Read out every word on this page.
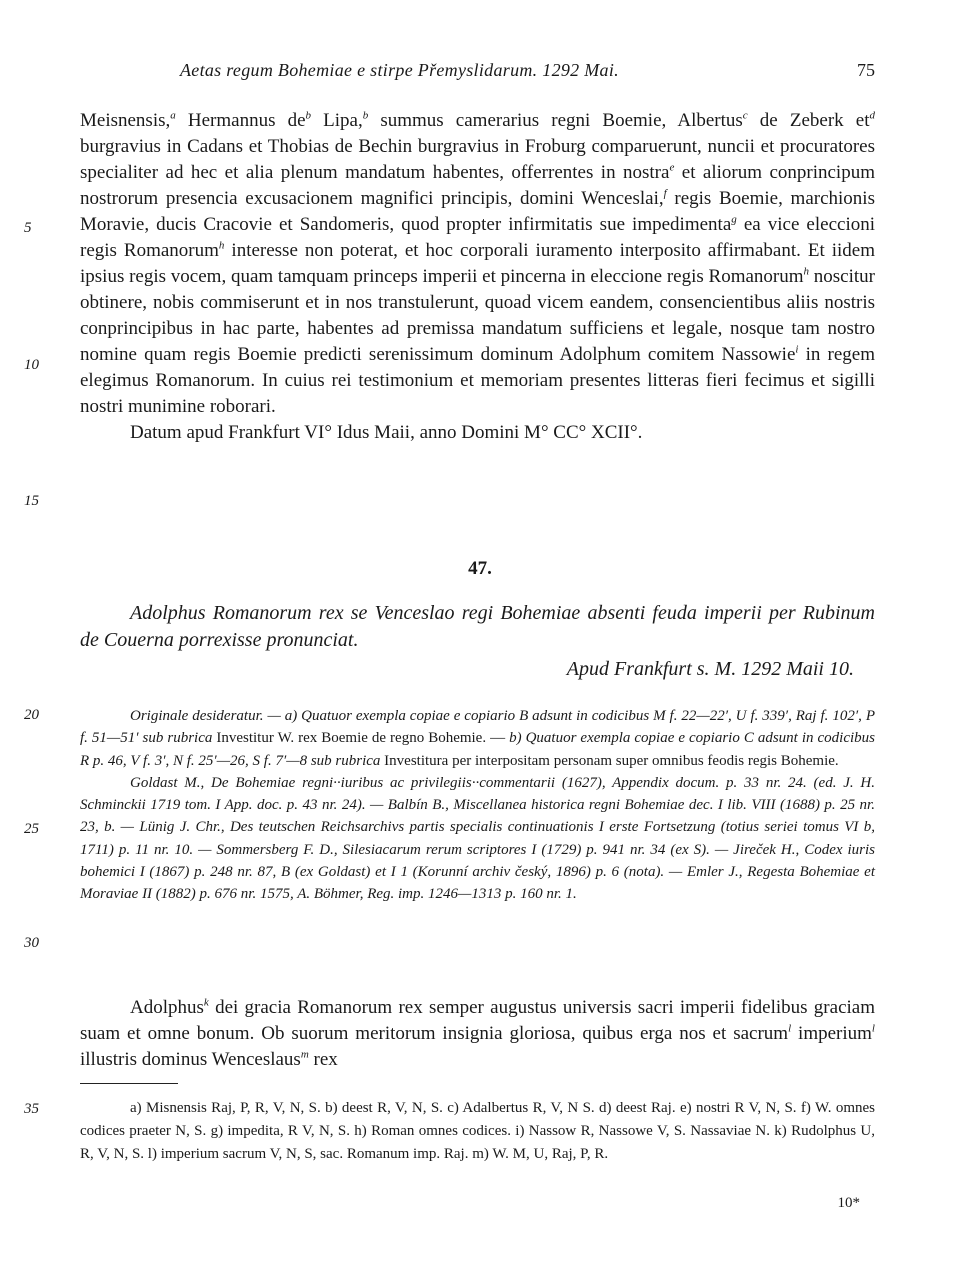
Aetas regum Bohemiae e stirpe Přemyslidarum. 1292 Mai.	75
5
10
15
20
25
30
35

Meisnensis,$^a$ Hermannus $de^b$ Lipa,$^b$ summus camerarius regni Boemie, Albertus$^c$ de Zeberk $et^d$ burgravius in Cadans et Thobias de Bechin burgravius in Froburg comparuerunt, nuncii et procuratores specialiter ad hec et alia plenum mandatum habentes, offerrentes in nostra$^e$ et aliorum conprincipum nostrorum presencia excusacionem magnifici principis, domini Wenceslai,$^f$ regis Boemie, marchionis Moravie, ducis Cracovie et Sandomeris, quod propter infirmitatis sue impedimenta$^g$ ea vice eleccioni regis Romanorum$^h$ interesse non poterat, et hoc corporali iuramento interposito affirmabant. Et iidem ipsius regis vocem, quam tamquam princeps imperii et pincerna in eleccione regis Romanorum$^h$ noscitur obtinere, nobis commiserunt et in nos transtulerunt, quoad vicem eandem, consencientibus aliis nostris conprincipibus in hac parte, habentes ad premissa mandatum sufficiens et legale, nosque tam nostro nomine quam regis Boemie predicti serenissimum dominum Adolphum comitem Nassowie$^i$ in regem elegimus Romanorum. In cuius rei testimonium et memoriam presentes litteras fieri fecimus et sigilli nostri munimine roborari.

Datum apud Frankfurt VI° Idus Maii, anno Domini M° CC° XCII°.

47.
Adolphus Romanorum rex se Venceslao regi Bohemiae absenti feuda imperii per Rubinum de Couerna porrexisse pronunciat.
Apud Frankfurt s. M. 1292 Maii 10.

Originale desideratur. — a) Quatuor exempla copiae e copiario B adsunt in codicibus M f. 22—22′, U f. 339′, Raj f. 102′, P f. 51—51′ sub rubrica Investitur W. rex Boemie de regno Bohemie. — b) Quatuor exempla copiae e copiario C adsunt in codicibus R p. 46, V f. 3′, N f. 25′—26, S f. 7′—8 sub rubrica Investitura per interpositam personam super omnibus feodis regis Bohemie.

Goldast M., De Bohemiae regni··iuribus ac privilegiis··commentarii (1627), Appendix docum. p. 33 nr. 24. (ed. J. H. Schminckii 1719 tom. I App. doc. p. 43 nr. 24). — Balbín B., Miscellanea historica regni Bohemiae dec. I lib. VIII (1688) p. 25 nr. 23, b. — Lünig J. Chr., Des teutschen Reichsarchivs partis specialis continuationis I erste Fortsetzung (totius seriei tomus VI b, 1711) p. 11 nr. 10. — Sommersberg F. D., Silesiacarum rerum scriptores I (1729) p. 941 nr. 34 (ex S). — Jireček H., Codex iuris bohemici I (1867) p. 248 nr. 87, B (ex Goldast) et I 1 (Korunní archiv český, 1896) p. 6 (nota). — Emler J., Regesta Bohemiae et Moraviae II (1882) p. 676 nr. 1575, A. Böhmer, Reg. imp. 1246—1313 p. 160 nr. 1.

Adolphus$^k$ dei gracia Romanorum rex semper augustus universis sacri imperii fidelibus graciam suam et omne bonum. Ob suorum meritorum insignia gloriosa, quibus erga nos et sacrum$^l$ imperium$^l$ illustris dominus Wenceslaus$^m$ rex

a) Misnensis Raj, P, R, V, N, S. b) deest R, V, N, S. c) Adalbertus R, V, N S. d) deest Raj. e) nostri R V, N, S. f) W. omnes codices praeter N, S. g) impedita, R V, N, S. h) Roman omnes codices. i) Nassow R, Nassowe V, S. Nassaviae N. k) Rudolphus U, R, V, N, S. l) imperium sacrum V, N, S, sac. Romanum imp. Raj. m) W. M, U, Raj, P, R.

10*
